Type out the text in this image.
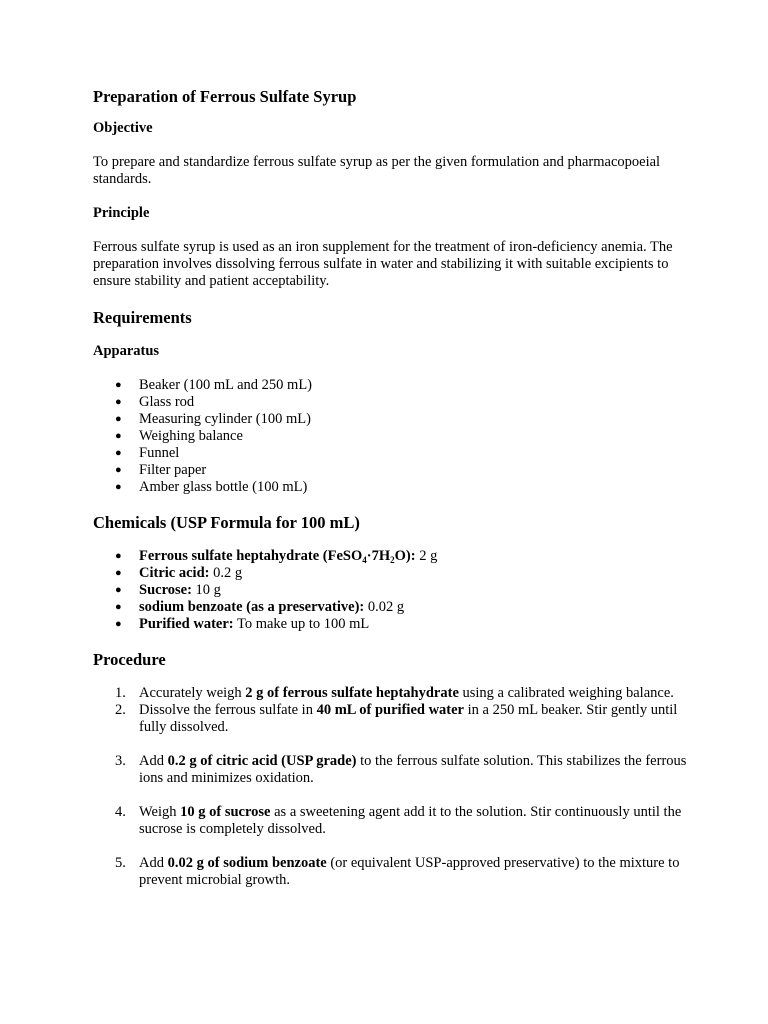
Preparation of Ferrous Sulfate Syrup
Objective
To prepare and standardize ferrous sulfate syrup as per the given formulation and pharmacopoeial standards.
Principle
Ferrous sulfate syrup is used as an iron supplement for the treatment of iron-deficiency anemia. The preparation involves dissolving ferrous sulfate in water and stabilizing it with suitable excipients to ensure stability and patient acceptability.
Requirements
Apparatus
● Beaker (100 mL and 250 mL)
● Glass rod
● Measuring cylinder (100 mL)
● Weighing balance
● Funnel
● Filter paper
● Amber glass bottle (100 mL)
Chemicals (USP Formula for 100 mL)
● Ferrous sulfate heptahydrate $(FeSO_4\cdot 7H_2O)$: 2 g
● Citric acid: 0.2 g
● Sucrose: 10 g
● sodium benzoate (as a preservative): 0.02 g
● Purified water: To make up to 100 mL
Procedure
1. Accurately weigh 2 g of ferrous sulfate heptahydrate using a calibrated weighing balance.
2. Dissolve the ferrous sulfate in 40 mL of purified water in a 250 mL beaker. Stir gently until fully dissolved.
3. Add 0.2 g of citric acid (USP grade) to the ferrous sulfate solution. This stabilizes the ferrous ions and minimizes oxidation.
4. Weigh 10 g of sucrose as a sweetening agent add it to the solution. Stir continuously until the sucrose is completely dissolved.
5. Add 0.02 g of sodium benzoate (or equivalent USP-approved preservative) to the mixture to prevent microbial growth.
